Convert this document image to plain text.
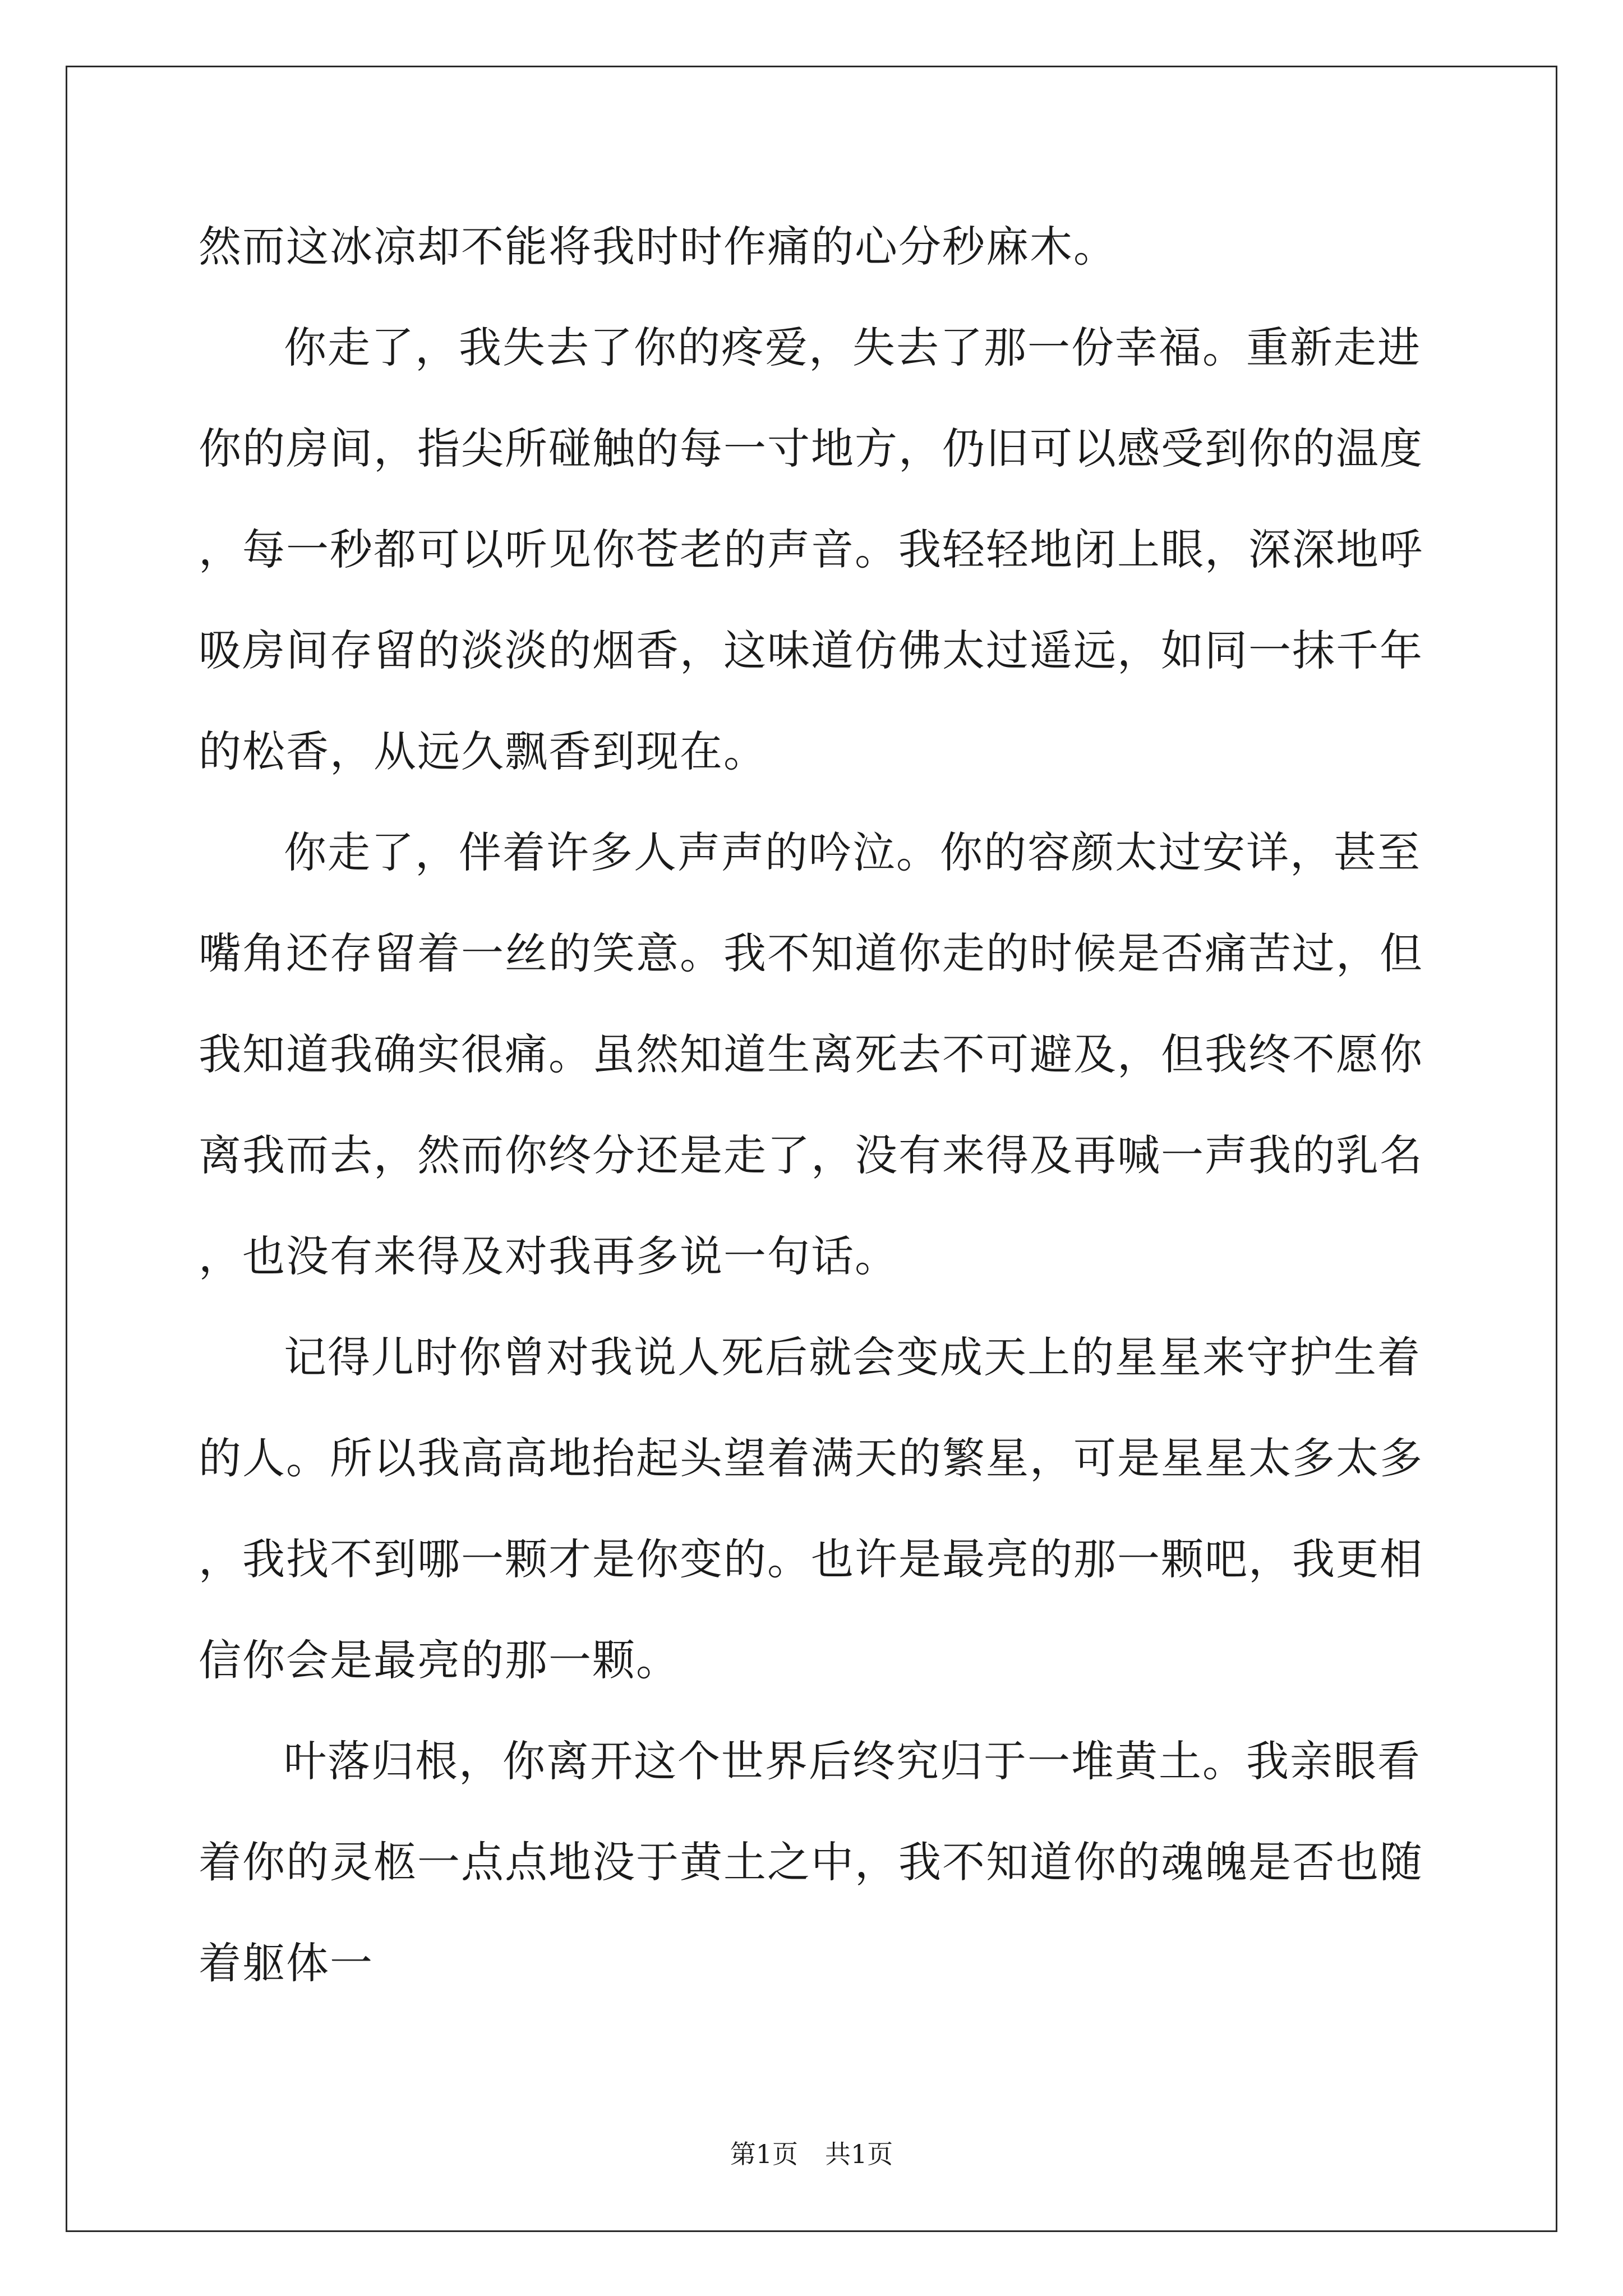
然而这冰凉却不能将我时时作痛的心分秒麻木。

你走了，我失去了你的疼爱，失去了那一份幸福。重新走进你的房间，指尖所碰触的每一寸地方，仍旧可以感受到你的温度，每一秒都可以听见你苍老的声音。我轻轻地闭上眼，深深地呼吸房间存留的淡淡的烟香，这味道仿佛太过遥远，如同一抹千年的松香，从远久飘香到现在。

你走了，伴着许多人声声的吟泣。你的容颜太过安详，甚至嘴角还存留着一丝的笑意。我不知道你走的时候是否痛苦过，但我知道我确实很痛。虽然知道生离死去不可避及，但我终不愿你离我而去，然而你终分还是走了，没有来得及再喊一声我的乳名，也没有来得及对我再多说一句话。

记得儿时你曾对我说人死后就会变成天上的星星来守护生着的人。所以我高高地抬起头望着满天的繁星，可是星星太多太多，我找不到哪一颗才是你变的。也许是最亮的那一颗吧，我更相信你会是最亮的那一颗。

叶落归根，你离开这个世界后终究归于一堆黄土。我亲眼看着你的灵柩一点点地没于黄土之中，我不知道你的魂魄是否也随着躯体一

第1页 共1页
